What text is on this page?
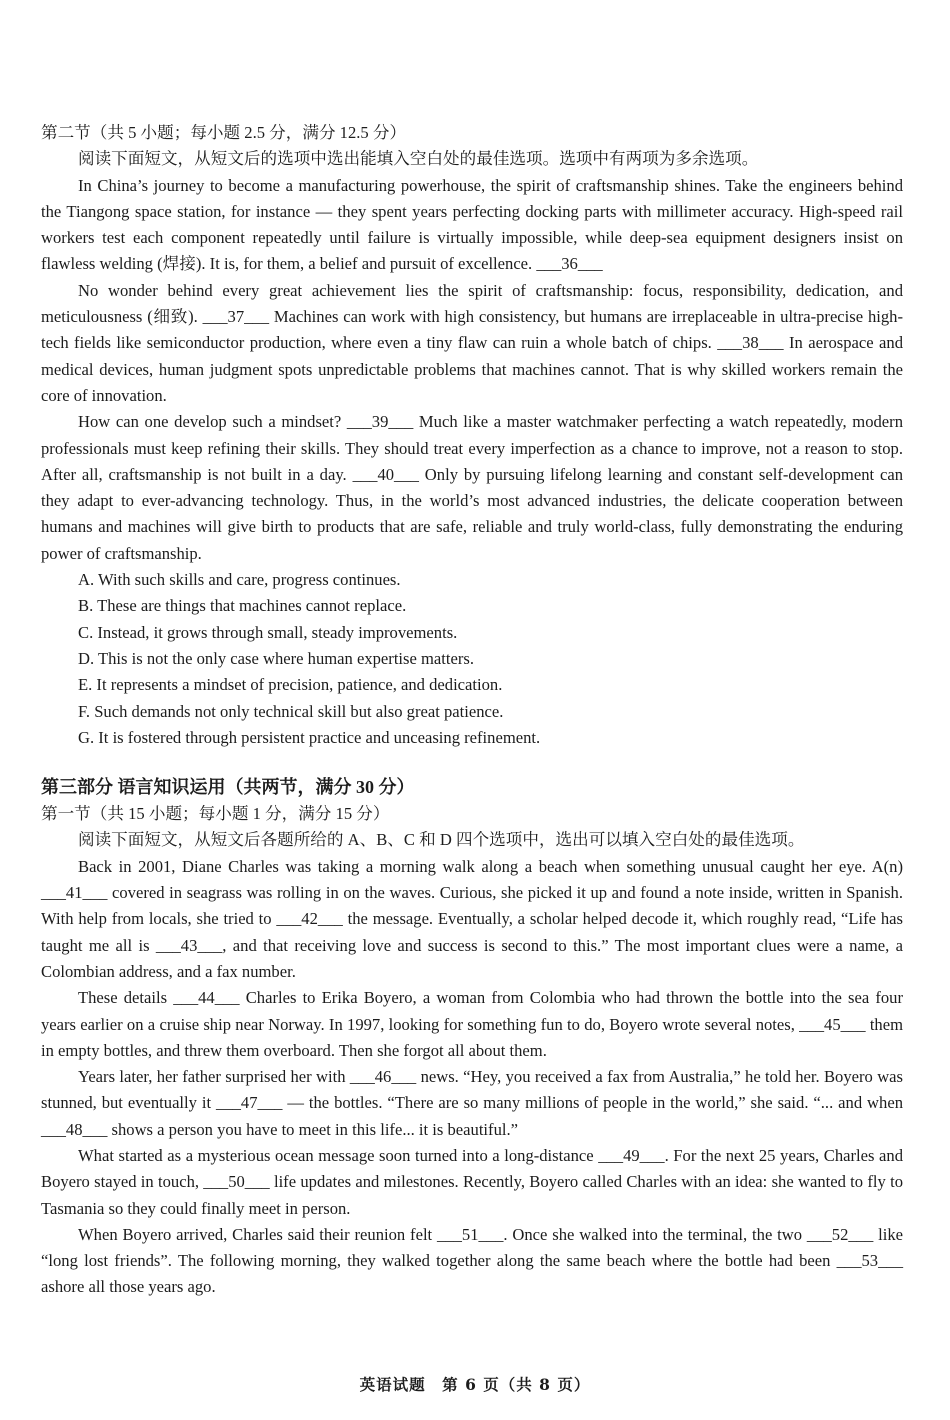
第二节（共 5 小题；每小题 2.5 分，满分 12.5 分）

阅读下面短文，从短文后的选项中选出能填入空白处的最佳选项。选项中有两项为多余选项。

In China’s journey to become a manufacturing powerhouse, the spirit of craftsmanship shines. Take the engineers behind the Tiangong space station, for instance — they spent years perfecting docking parts with millimeter accuracy. High-speed rail workers test each component repeatedly until failure is virtually impossible, while deep-sea equipment designers insist on flawless welding (焊接). It is, for them, a belief and pursuit of excellence. ___36___

No wonder behind every great achievement lies the spirit of craftsmanship: focus, responsibility, dedication, and meticulousness (细致). ___37___ Machines can work with high consistency, but humans are irreplaceable in ultra-precise high-tech fields like semiconductor production, where even a tiny flaw can ruin a whole batch of chips. ___38___ In aerospace and medical devices, human judgment spots unpredictable problems that machines cannot. That is why skilled workers remain the core of innovation.

How can one develop such a mindset? ___39___ Much like a master watchmaker perfecting a watch repeatedly, modern professionals must keep refining their skills. They should treat every imperfection as a chance to improve, not a reason to stop. After all, craftsmanship is not built in a day. ___40___ Only by pursuing lifelong learning and constant self-development can they adapt to ever-advancing technology. Thus, in the world’s most advanced industries, the delicate cooperation between humans and machines will give birth to products that are safe, reliable and truly world-class, fully demonstrating the enduring power of craftsmanship.

A. With such skills and care, progress continues.

B. These are things that machines cannot replace.

C. Instead, it grows through small, steady improvements.

D. This is not the only case where human expertise matters.

E. It represents a mindset of precision, patience, and dedication.

F. Such demands not only technical skill but also great patience.

G. It is fostered through persistent practice and unceasing refinement.

第三部分 语言知识运用（共两节，满分 30 分）

第一节（共 15 小题；每小题 1 分，满分 15 分）

阅读下面短文，从短文后各题所给的 A、B、C 和 D 四个选项中，选出可以填入空白处的最佳选项。

Back in 2001, Diane Charles was taking a morning walk along a beach when something unusual caught her eye. A(n) ___41___ covered in seagrass was rolling in on the waves. Curious, she picked it up and found a note inside, written in Spanish. With help from locals, she tried to ___42___ the message. Eventually, a scholar helped decode it, which roughly read, “Life has taught me all is ___43___, and that receiving love and success is second to this.” The most important clues were a name, a Colombian address, and a fax number.

These details ___44___ Charles to Erika Boyero, a woman from Colombia who had thrown the bottle into the sea four years earlier on a cruise ship near Norway. In 1997, looking for something fun to do, Boyero wrote several notes, ___45___ them in empty bottles, and threw them overboard. Then she forgot all about them.

Years later, her father surprised her with ___46___ news. “Hey, you received a fax from Australia,” he told her. Boyero was stunned, but eventually it ___47___ — the bottles. “There are so many millions of people in the world,” she said. “... and when ___48___ shows a person you have to meet in this life... it is beautiful.”

What started as a mysterious ocean message soon turned into a long-distance ___49___. For the next 25 years, Charles and Boyero stayed in touch, ___50___ life updates and milestones. Recently, Boyero called Charles with an idea: she wanted to fly to Tasmania so they could finally meet in person.

When Boyero arrived, Charles said their reunion felt ___51___. Once she walked into the terminal, the two ___52___ like “long lost friends”. The following morning, they walked together along the same beach where the bottle had been ___53___ ashore all those years ago.

英语试题　第 6 页（共 8 页）
